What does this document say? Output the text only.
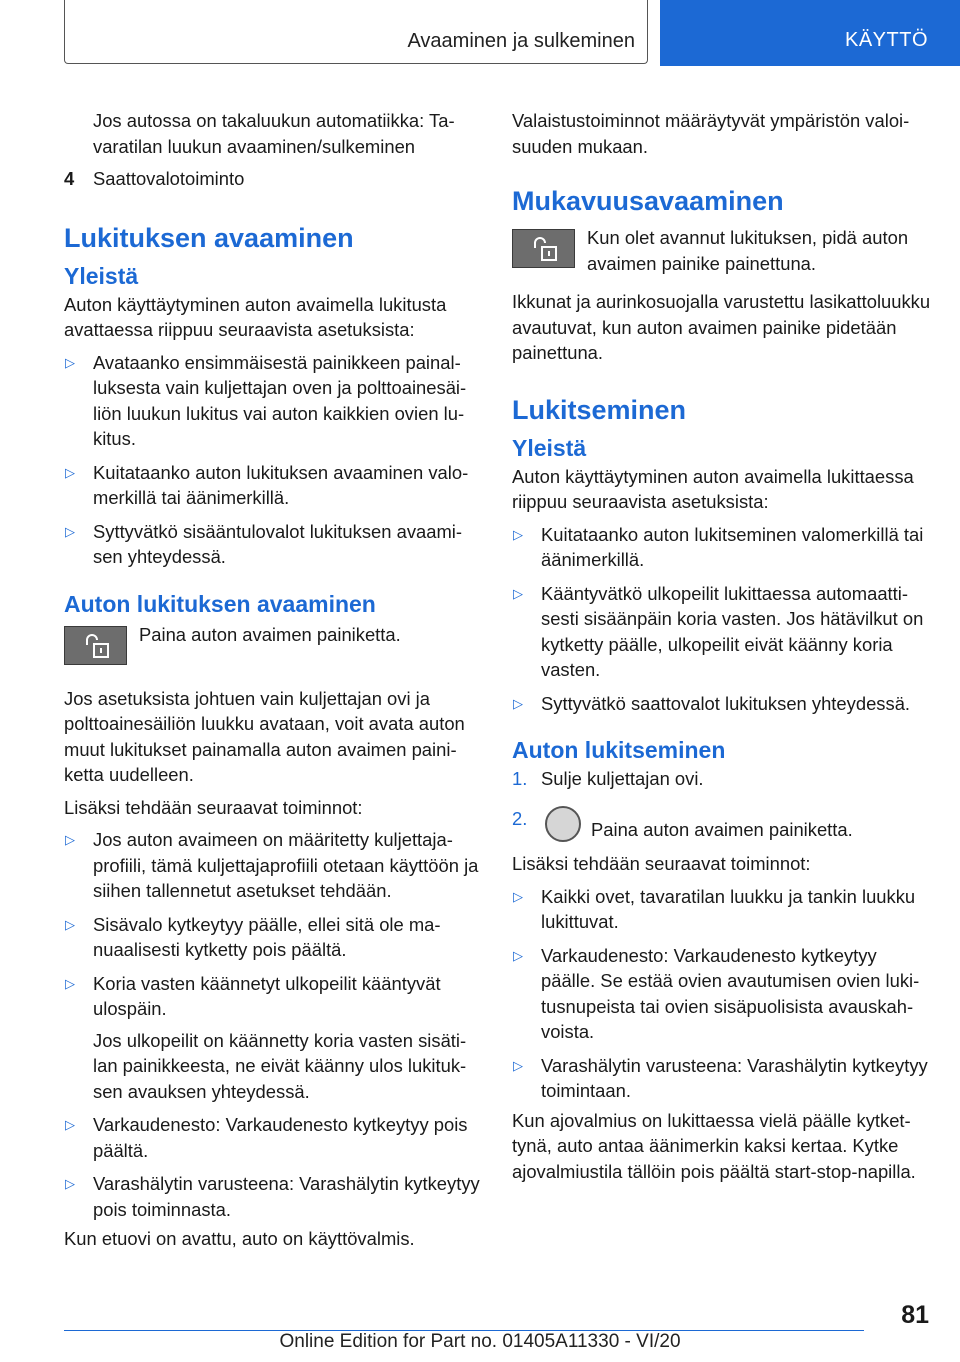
Avaaminen ja sulkeminen	KÄYTTÖ

Jos autossa on takaluukun automatiikka: Tavaratilan luukun avaaminen/sulkeminen

4 Saattovalotoiminto

Lukituksen avaaminen
Yleistä

Auton käyttäytyminen auton avaimella lukitusta avattaessa riippuu seuraavista asetuksista:

▷ Avataanko ensimmäisestä painikkeen painalluksesta vain kuljettajan oven ja polttoainesäiliön luukun lukitus vai auton kaikkien ovien lukitus.
▷ Kuitataanko auton lukituksen avaaminen valomerkillä tai äänimerkillä.
▷ Syttyvätkö sisääntulovalot lukituksen avaamisen yhteydessä.
Auton lukituksen avaaminen
Paina auton avaimen painiketta.

Jos asetuksista johtuen vain kuljettajan ovi ja polttoainesäiliön luukku avataan, voit avata auton muut lukitukset painamalla auton avaimen painiketta uudelleen.

Lisäksi tehdään seuraavat toiminnot:

▷ Jos auton avaimeen on määritetty kuljettajaprofiili, tämä kuljettajaprofiili otetaan käyttöön ja siihen tallennetut asetukset tehdään.
▷ Sisävalo kytkeytyy päälle, ellei sitä ole manuaalisesti kytketty pois päältä.
▷ Koria vasten käännetyt ulkopeilit kääntyvät ulospäin.

Jos ulkopeilit on käännetty koria vasten sisätilan painikkeesta, ne eivät käänny ulos lukituksen avauksen yhteydessä.

▷ Varkaudenesto: Varkaudenesto kytkeytyy pois päältä.
▷ Varashälytin varusteena: Varashälytin kytkeytyy pois toiminnasta.

Kun etuovi on avattu, auto on käyttövalmis.

Valaistustoiminnot määräytyvät ympäristön valoisuuden mukaan.

Mukavuusavaaminen
Kun olet avannut lukituksen, pidä auton avaimen painike painettuna.

Ikkunat ja aurinkosuojalla varustettu lasikattoluukku avautuvat, kun auton avaimen painike pidetään painettuna.

Lukitseminen
Yleistä

Auton käyttäytyminen auton avaimella lukittaessa riippuu seuraavista asetuksista:

▷ Kuitataanko auton lukitseminen valomerkillä tai äänimerkillä.
▷ Kääntyvätkö ulkopeilit lukittaessa automaattisesti sisäänpäin koria vasten. Jos hätävilkut on kytketty päälle, ulkopeilit eivät käänny koria vasten.
▷ Syttyvätkö saattovalot lukituksen yhteydessä.
Auton lukitseminen
1. Sulje kuljettajan ovi.
2.
Paina auton avaimen painiketta.

Lisäksi tehdään seuraavat toiminnot:

▷ Kaikki ovet, tavaratilan luukku ja tankin luukku lukittuvat.
▷ Varkaudenesto: Varkaudenesto kytkeytyy päälle. Se estää ovien avautumisen ovien lukitusnupeista tai ovien sisäpuolisista avauskahvoista.
▷ Varashälytin varusteena: Varashälytin kytkeytyy toimintaan.

Kun ajovalmius on lukittaessa vielä päälle kytkettynä, auto antaa äänimerkin kaksi kertaa. Kytke ajovalmiustila tällöin pois päältä start-stop-napilla.

81
Online Edition for Part no. 01405A11330 - VI/20
